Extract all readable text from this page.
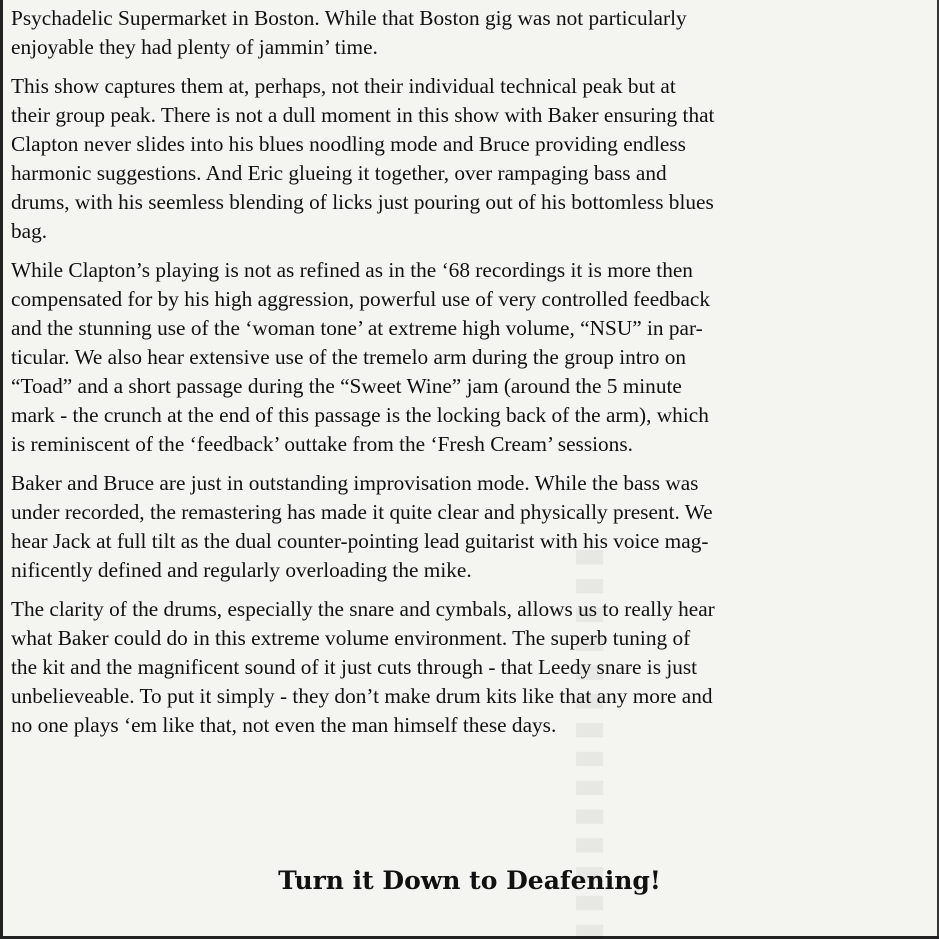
█ █ █ █ █ █ █ █ █ █ █ █ █ █

Psychadelic Supermarket in Boston. While that Boston gig was not particularly
enjoyable they had plenty of jammin’ time.

This show captures them at, perhaps, not their individual technical peak but at
their group peak. There is not a dull moment in this show with Baker ensuring that
Clapton never slides into his blues noodling mode and Bruce providing endless
harmonic suggestions. And Eric glueing it together, over rampaging bass and
drums, with his seemless blending of licks just pouring out of his bottomless blues
bag.

While Clapton’s playing is not as refined as in the ‘68 recordings it is more then
compensated for by his high aggression, powerful use of very controlled feedback
and the stunning use of the ‘woman tone’ at extreme high volume, “NSU” in par-
ticular. We also hear extensive use of the tremelo arm during the group intro on
“Toad” and a short passage during the “Sweet Wine” jam (around the 5 minute
mark - the crunch at the end of this passage is the locking back of the arm), which
is reminiscent of the ‘feedback’ outtake from the ‘Fresh Cream’ sessions.

Baker and Bruce are just in outstanding improvisation mode. While the bass was
under recorded, the remastering has made it quite clear and physically present. We
hear Jack at full tilt as the dual counter-pointing lead guitarist with his voice mag-
nificently defined and regularly overloading the mike.

The clarity of the drums, especially the snare and cymbals, allows us to really hear
what Baker could do in this extreme volume environment. The superb tuning of
the kit and the magnificent sound of it just cuts through - that Leedy snare is just
unbelieveable. To put it simply - they don’t make drum kits like that any more and
no one plays ‘em like that, not even the man himself these days.

Turn it Down to Deafening!
